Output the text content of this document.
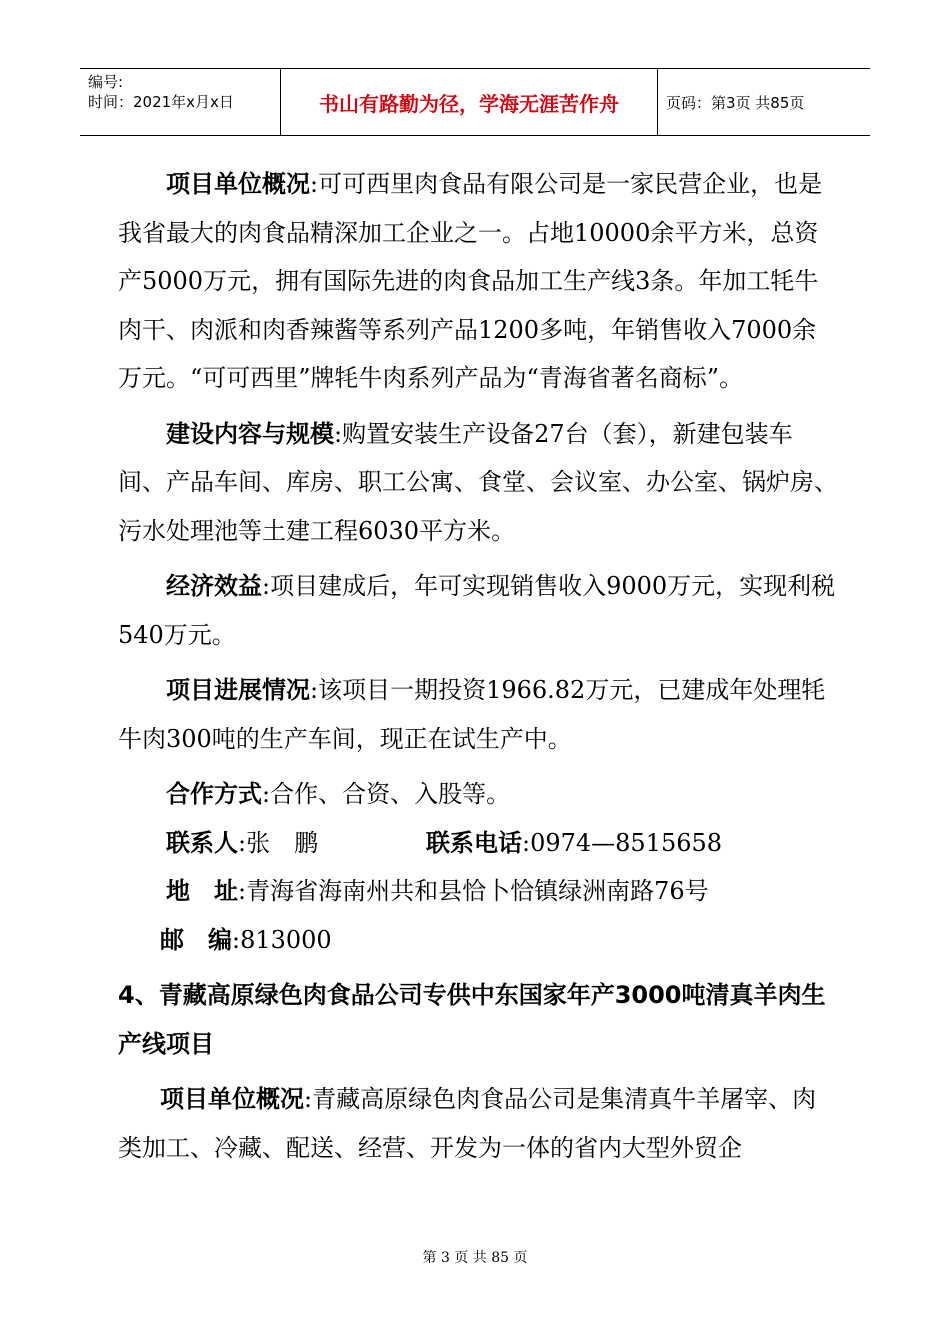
编号:
时间：2021年x月x日	书山有路勤为径，学海无涯苦作舟	页码：第3页 共85页

项目单位概况:可可西里肉食品有限公司是一家民营企业，也是我省最大的肉食品精深加工企业之一。占地10000余平方米，总资产5000万元，拥有国际先进的肉食品加工生产线3条。年加工牦牛肉干、肉派和肉香辣酱等系列产品1200多吨，年销售收入7000余万元。“可可西里”牌牦牛肉系列产品为“青海省著名商标”。

建设内容与规模:购置安装生产设备27台（套），新建包装车间、产品车间、库房、职工公寓、食堂、会议室、办公室、锅炉房、污水处理池等土建工程6030平方米。

经济效益:项目建成后，年可实现销售收入9000万元，实现利税540万元。

项目进展情况:该项目一期投资1966.82万元，已建成年处理牦牛肉300吨的生产车间，现正在试生产中。

合作方式:合作、合资、入股等。

联系人:张　鹏	联系电话:0974—8515658

地　址:青海省海南州共和县恰卜恰镇绿洲南路76号

邮　编:813000

4、青藏高原绿色肉食品公司专供中东国家年产3000吨清真羊肉生产线项目

项目单位概况:青藏高原绿色肉食品公司是集清真牛羊屠宰、肉类加工、冷藏、配送、经营、开发为一体的省内大型外贸企

第 3 页 共 85 页
